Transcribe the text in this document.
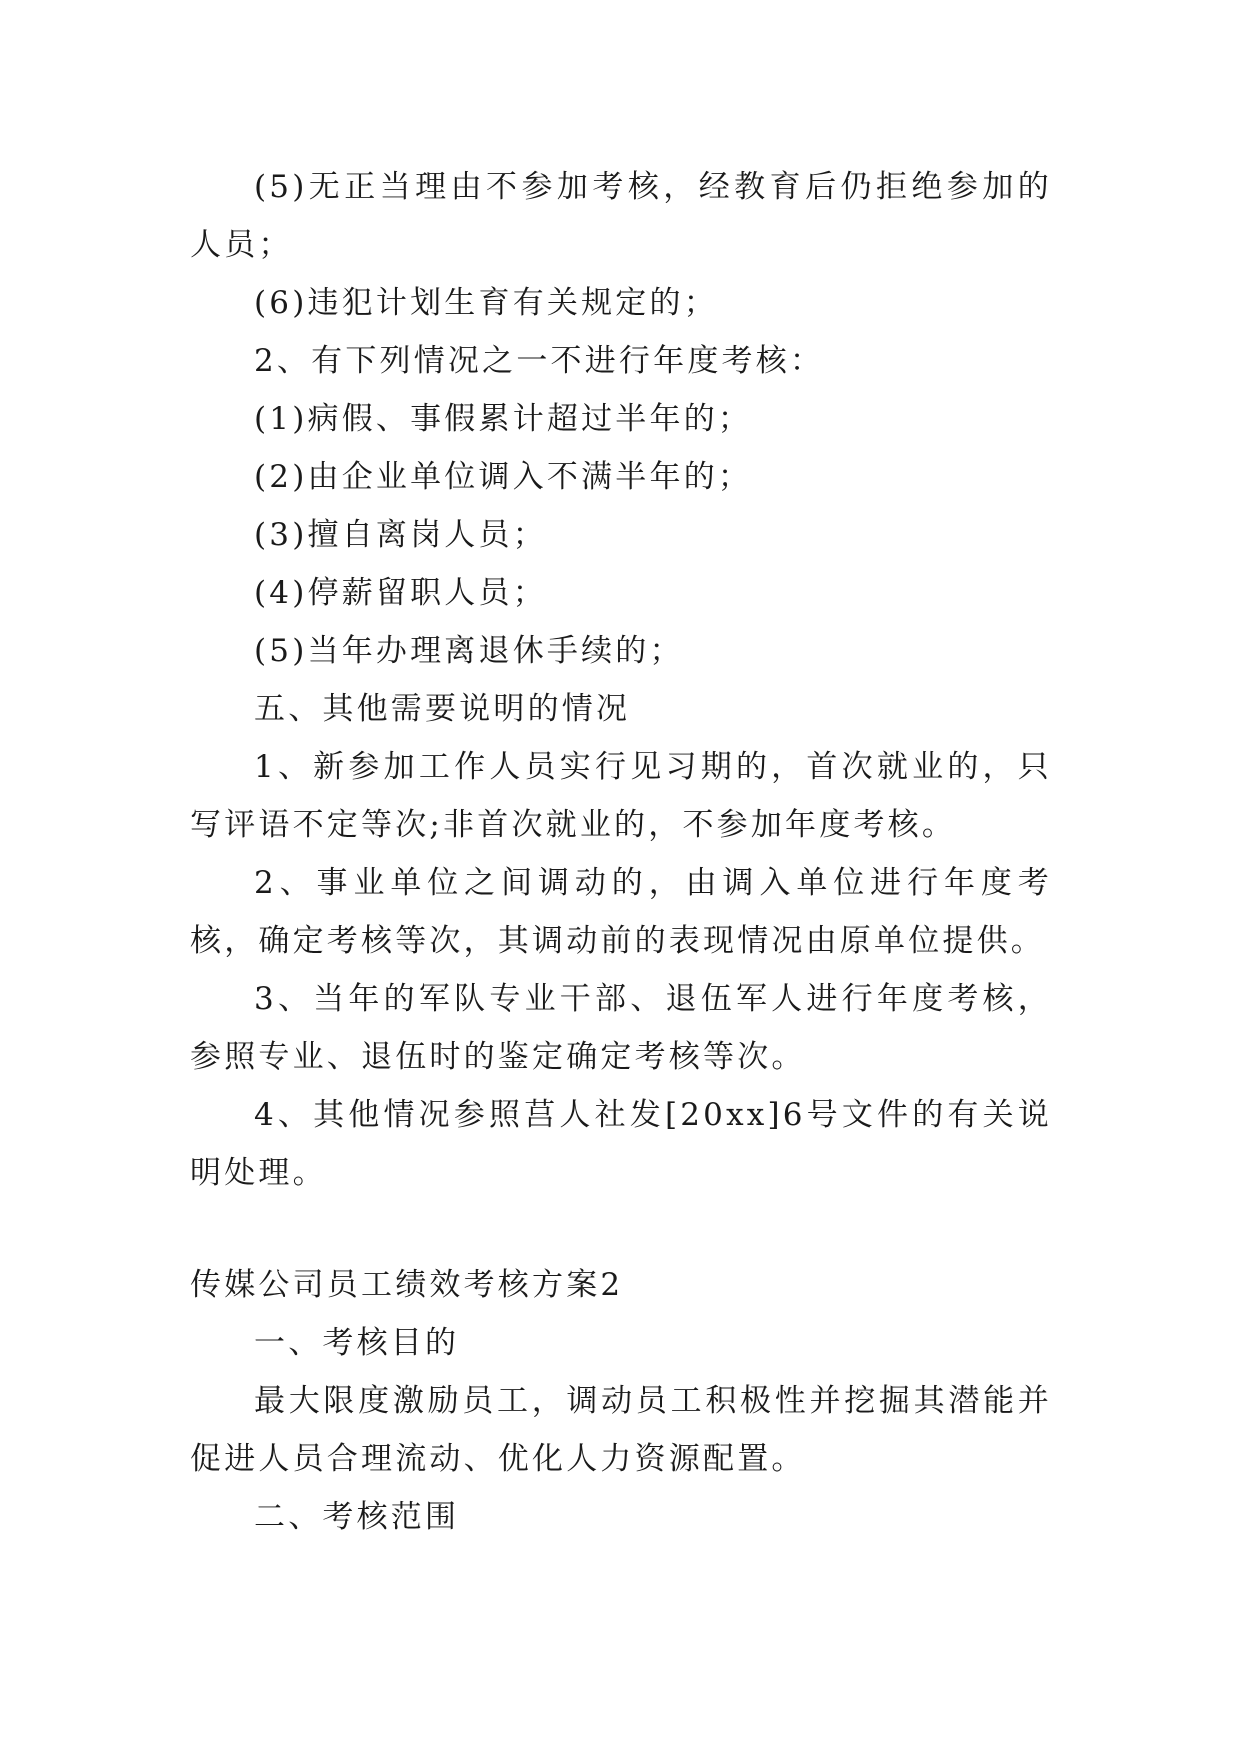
(5)无正当理由不参加考核，经教育后仍拒绝参加的人员；

(6)违犯计划生育有关规定的；

2、有下列情况之一不进行年度考核：

(1)病假、事假累计超过半年的；

(2)由企业单位调入不满半年的；

(3)擅自离岗人员；

(4)停薪留职人员；

(5)当年办理离退休手续的；

五、其他需要说明的情况

1、新参加工作人员实行见习期的，首次就业的，只写评语不定等次;非首次就业的，不参加年度考核。

2、事业单位之间调动的，由调入单位进行年度考核，确定考核等次，其调动前的表现情况由原单位提供。

3、当年的军队专业干部、退伍军人进行年度考核，参照专业、退伍时的鉴定确定考核等次。

4、其他情况参照莒人社发[20xx]6号文件的有关说明处理。

传媒公司员工绩效考核方案2

一、考核目的

最大限度激励员工，调动员工积极性并挖掘其潜能并促进人员合理流动、优化人力资源配置。

二、考核范围
